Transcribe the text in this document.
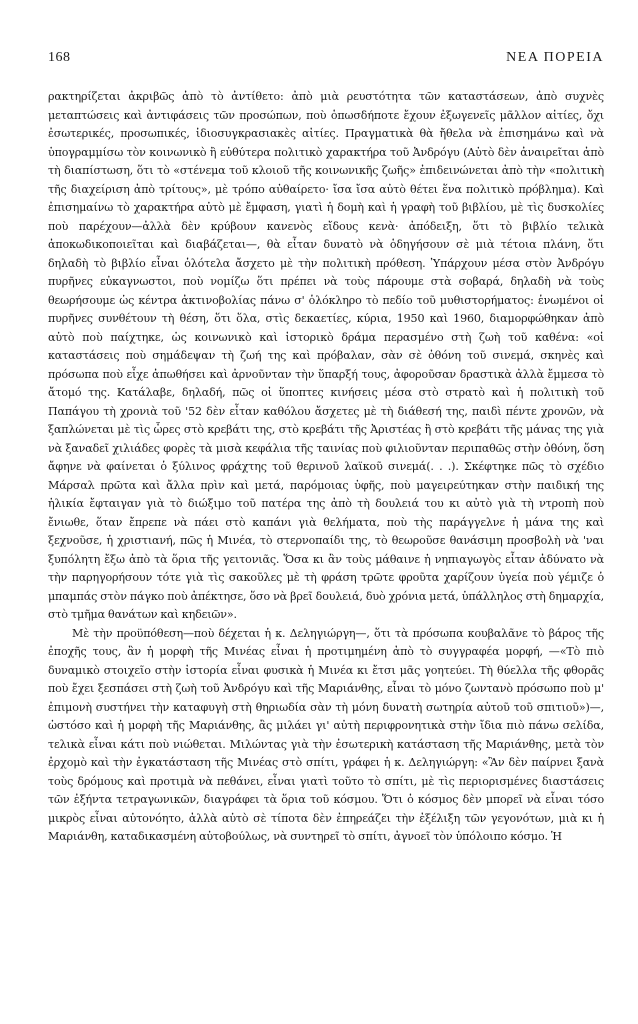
168	ΝΕΑ ΠΟΡΕΙΑ

ρακτηρίζεται ἀκριβῶς ἀπὸ τὸ ἀντίθετο: ἀπὸ μιὰ ρευστότητα τῶν καταστάσεων, ἀπὸ συχνὲς μεταπτώσεις καὶ ἀντιφάσεις τῶν προσώπων, ποὺ ὁπωσδήποτε ἔχουν ἐξωγενεῖς μᾶλλον αἰτίες, ὄχι ἐσωτερικές, προσωπικές, ἰδιοσυγκρασιακὲς αἰτίες. Πραγματικὰ θὰ ἤθελα νὰ ἐπισημάνω καὶ νὰ ὑπογραμμίσω τὸν κοινωνικὸ ἢ εὐθύτερα πολιτικὸ χαρακτήρα τοῦ Ἀνδρόγυ (Αὐτὸ δὲν ἀναιρεῖται ἀπὸ τὴ διαπίστωση, ὅτι τὸ «στένεμα τοῦ κλοιοῦ τῆς κοινωνικῆς ζωῆς» ἐπιδεινώνεται ἀπὸ τὴν «πολιτικὴ τῆς διαχείριση ἀπὸ τρίτους», μὲ τρόπο αὐθαίρετο· ἴσα ἴσα αὐτὸ θέτει ἕνα πολιτικὸ πρόβλημα). Καὶ ἐπισημαίνω τὸ χαρακτήρα αὐτὸ μὲ ἔμφαση, γιατὶ ἡ δομὴ καὶ ἡ γραφὴ τοῦ βιβλίου, μὲ τὶς δυσκολίες ποὺ παρέχουν—ἀλλὰ δὲν κρύβουν κανενὸς εἴδους κενὰ· ἀπόδειξη, ὅτι τὸ βιβλίο τελικὰ ἀποκωδικοποιεῖται καὶ διαβάζεται—, θὰ εἶταν δυνατὸ νὰ ὁδηγήσουν σὲ μιὰ τέτοια πλάνη, ὅτι δηλαδὴ τὸ βιβλίο εἶναι ὁλότελα ἄσχετο μὲ τὴν πολιτικὴ πρόθεση. Ὑπάρχουν μέσα στὸν Ἀνδρόγυ πυρῆνες εὐκαγνωστοι, ποὺ νομίζω ὅτι πρέπει νὰ τοὺς πάρουμε στὰ σοβαρά, δηλαδὴ νὰ τοὺς θεωρήσουμε ὡς κέντρα ἀκτινοβολίας πάνω σ' ὁλόκληρο τὸ πεδίο τοῦ μυθιστορήματος: ἑνωμένοι οἱ πυρῆνες συνθέτουν τὴ θέση, ὅτι ὅλα, στὶς δεκαετίες, κύρια, 1950 καὶ 1960, διαμορφώθηκαν ἀπὸ αὐτὸ ποὺ παίχτηκε, ὡς κοινωνικὸ καὶ ἱστορικὸ δράμα περασμένο στὴ ζωὴ τοῦ καθένα: «οἱ καταστάσεις ποὺ σημάδεψαν τὴ ζωή της καὶ πρόβαλαν, σὰν σὲ ὀθόνη τοῦ σινεμά, σκηνὲς καὶ πρόσωπα ποὺ εἶχε ἀπωθήσει καὶ ἀρνοῦνταν τὴν ὕπαρξή τους, ἀφοροῦσαν δραστικὰ ἀλλὰ ἔμμεσα τὸ ἄτομό της. Κατάλαβε, δηλαδή, πῶς οἱ ὕποπτες κινήσεις μέσα στὸ στρατὸ καὶ ἡ πολιτικὴ τοῦ Παπάγου τὴ χρονιὰ τοῦ '52 δὲν εἶταν καθόλου ἄσχετες μὲ τὴ διάθεσή της, παιδὶ πέντε χρονῶν, νὰ ξαπλώνεται μὲ τὶς ὧρες στὸ κρεβάτι της, στὸ κρεβάτι τῆς Ἀριστέας ἢ στὸ κρεβάτι τῆς μάνας της γιὰ νὰ ξαναδεῖ χιλιάδες φορὲς τὰ μισὰ κεφάλια τῆς ταινίας ποὺ φιλιοῦνταν περιπαθῶς στὴν ὀθόνη, ὅση ἄφηνε νὰ φαίνεται ὁ ξύλινος φράχτης τοῦ θερινοῦ λαϊκοῦ σινεμά(. . .). Σκέφτηκε πῶς τὸ σχέδιο Μάρσαλ πρῶτα καὶ ἄλλα πρὶν καὶ μετά, παρόμοιας ὑφῆς, ποὺ μαγειρεύτηκαν στὴν παιδική της ἡλικία ἔφταιγαν γιὰ τὸ διώξιμο τοῦ πατέρα της ἀπὸ τὴ δουλειά του κι αὐτὸ γιὰ τὴ ντροπὴ ποὺ ἔνιωθε, ὅταν ἔπρεπε νὰ πάει στὸ καπάνι γιὰ θελήματα, ποὺ τὴς παράγγελνε ἡ μάνα της καὶ ξεχνοῦσε, ἡ χριστιανή, πῶς ἡ Μινέα, τὸ στερνοπαίδι της, τὸ θεωροῦσε θανάσιμη προσβολὴ νὰ 'ναι ξυπόλητη ἔξω ἀπὸ τὰ ὅρια τῆς γειτονιᾶς. Ὅσα κι ἂν τοὺς μάθαινε ἡ νηπιαγωγὸς εἶταν ἀδύνατο νὰ τὴν παρηγορήσουν τότε γιὰ τὶς σακοῦλες μὲ τὴ φράση τρῶτε φροῦτα χαρίζουν ὑγεία ποὺ γέμιζε ὁ μπαμπάς στὸν πάγκο ποὺ ἀπέκτησε, ὅσο νὰ βρεῖ δουλειά, δυὸ χρόνια μετά, ὑπάλληλος στὴ δημαρχία, στὸ τμῆμα θανάτων καὶ κηδειῶν».

Μὲ τὴν προϋπόθεση—ποὺ δέχεται ἡ κ. Δεληγιώργη—, ὅτι τὰ πρόσωπα κουβαλᾶνε τὸ βάρος τῆς ἐποχῆς τους, ἂν ἡ μορφὴ τῆς Μινέας εἶναι ἡ προτιμημένη ἀπὸ τὸ συγγραφέα μορφή, —«Τὸ πιὸ δυναμικὸ στοιχεῖο στὴν ἱστορία εἶναι φυσικὰ ἡ Μινέα κι ἔτσι μᾶς γοητεύει. Τὴ θύελλα τῆς φθορᾶς ποὺ ἔχει ξεσπάσει στὴ ζωὴ τοῦ Ἀνδρόγυ καὶ τῆς Μαριάνθης, εἶναι τὸ μόνο ζωντανὸ πρόσωπο ποὺ μ' ἐπιμονὴ συστήνει τὴν καταφυγὴ στὴ θηριωδία σὰν τὴ μόνη δυνατὴ σωτηρία αὐτοῦ τοῦ σπιτιοῦ»)—, ὡστόσο καὶ ἡ μορφὴ τῆς Μαριάνθης, ἂς μιλάει γι' αὐτὴ περιφρονητικὰ στὴν ἴδια πιὸ πάνω σελίδα, τελικὰ εἶναι κάτι ποὺ νιώθεται. Μιλώντας γιὰ τὴν ἐσωτερικὴ κατάσταση τῆς Μαριάνθης, μετὰ τὸν ἐρχομὸ καὶ τὴν ἐγκατάσταση τῆς Μινέας στὸ σπίτι, γράφει ἡ κ. Δεληγιώργη: «Ἂν δὲν παίρνει ξανὰ τοὺς δρόμους καὶ προτιμὰ νὰ πεθάνει, εἶναι γιατὶ τοῦτο τὸ σπίτι, μὲ τὶς περιορισμένες διαστάσεις τῶν ἐξήντα τετραγωνικῶν, διαγράφει τὰ ὅρια τοῦ κόσμου. Ὅτι ὁ κόσμος δὲν μπορεῖ νὰ εἶναι τόσο μικρὸς εἶναι αὐτονόητο, ἀλλὰ αὐτὸ σὲ τίποτα δὲν ἐπηρεάζει τὴν ἐξέλιξη τῶν γεγονότων, μιὰ κι ἡ Μαριάνθη, καταδικασμένη αὐτοβούλως, νὰ συντηρεῖ τὸ σπίτι, ἀγνοεῖ τὸν ὑπόλοιπο κόσμο. Ἡ
